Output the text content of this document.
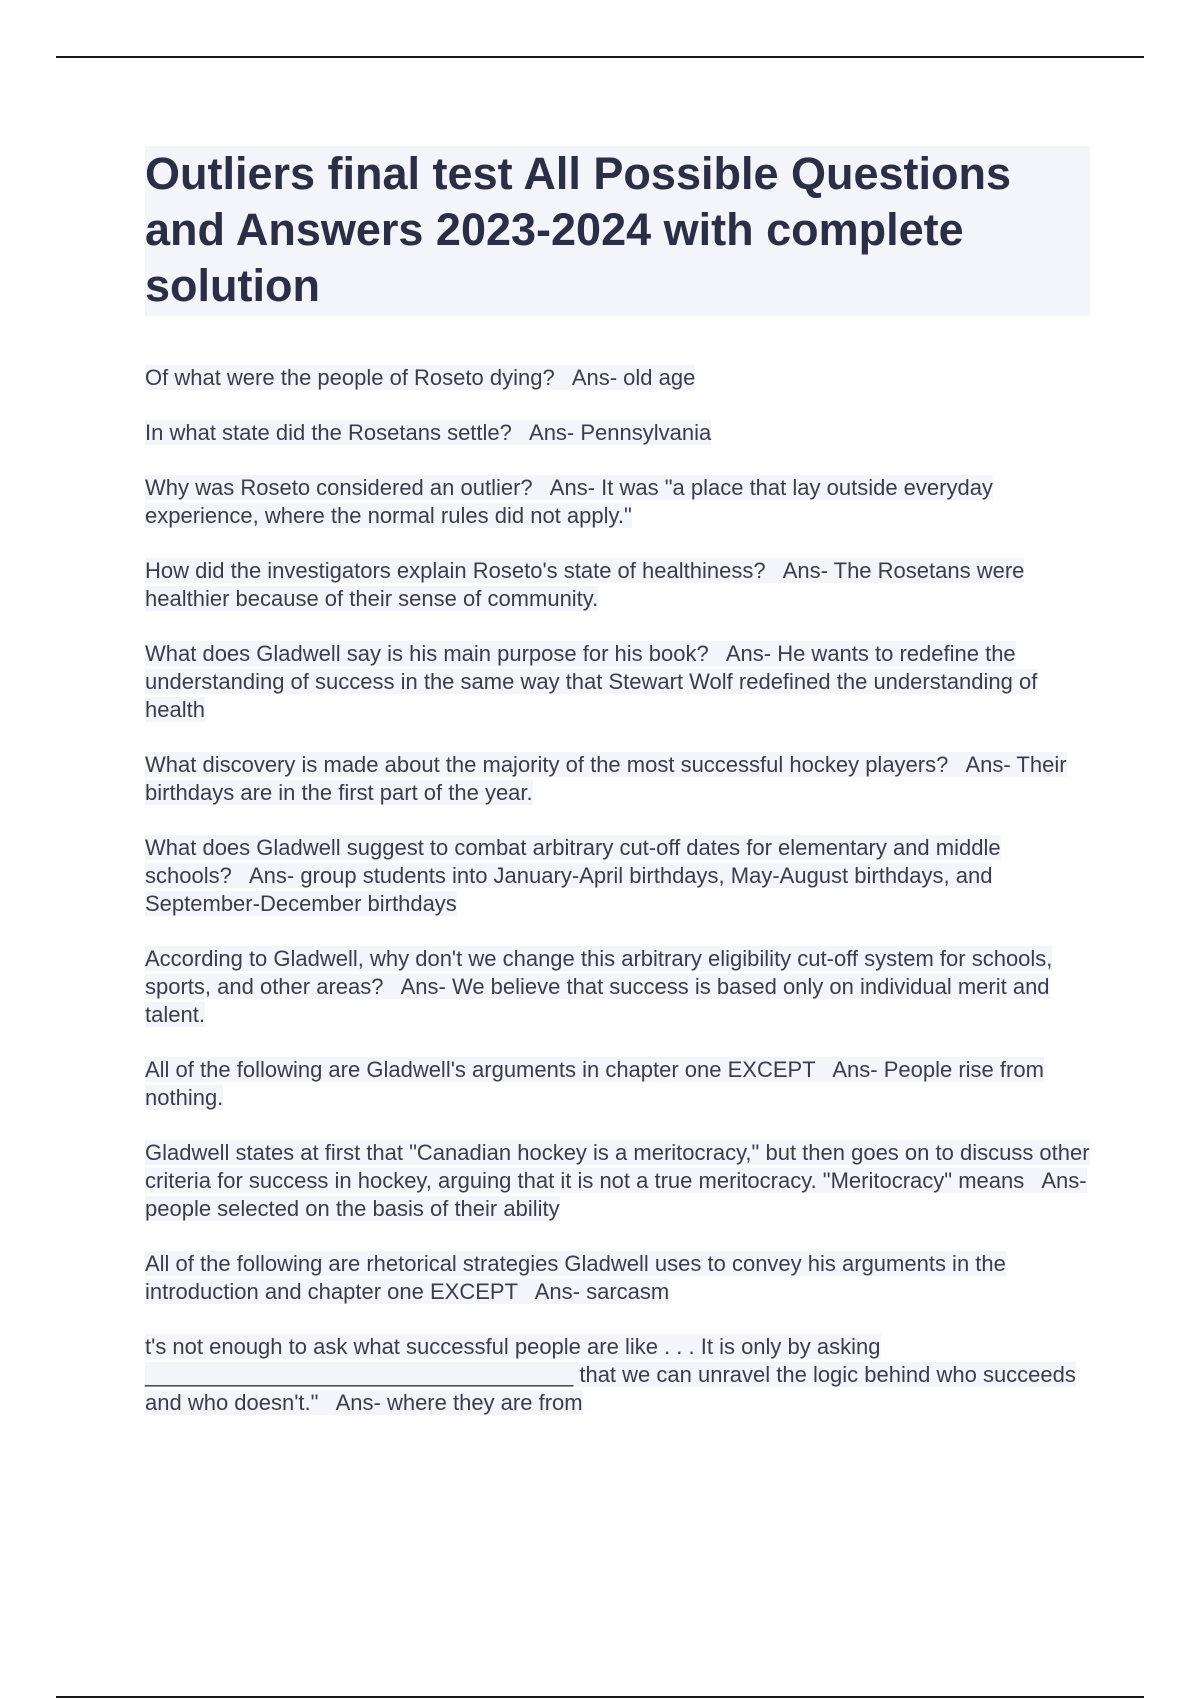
Outliers final test All Possible Questions and Answers 2023-2024 with complete solution
Of what were the people of Roseto dying? Ans- old age
In what state did the Rosetans settle? Ans- Pennsylvania
Why was Roseto considered an outlier? Ans- It was "a place that lay outside everyday experience, where the normal rules did not apply."
How did the investigators explain Roseto's state of healthiness? Ans- The Rosetans were healthier because of their sense of community.
What does Gladwell say is his main purpose for his book? Ans- He wants to redefine the understanding of success in the same way that Stewart Wolf redefined the understanding of health
What discovery is made about the majority of the most successful hockey players? Ans- Their birthdays are in the first part of the year.
What does Gladwell suggest to combat arbitrary cut-off dates for elementary and middle schools? Ans- group students into January-April birthdays, May-August birthdays, and September-December birthdays
According to Gladwell, why don't we change this arbitrary eligibility cut-off system for schools, sports, and other areas? Ans- We believe that success is based only on individual merit and talent.
All of the following are Gladwell's arguments in chapter one EXCEPT Ans- People rise from nothing.
Gladwell states at first that "Canadian hockey is a meritocracy," but then goes on to discuss other criteria for success in hockey, arguing that it is not a true meritocracy. "Meritocracy" means Ans- people selected on the basis of their ability
All of the following are rhetorical strategies Gladwell uses to convey his arguments in the introduction and chapter one EXCEPT Ans- sarcasm
t's not enough to ask what successful people are like . . . It is only by asking ___________________________________ that we can unravel the logic behind who succeeds and who doesn't." Ans- where they are from
